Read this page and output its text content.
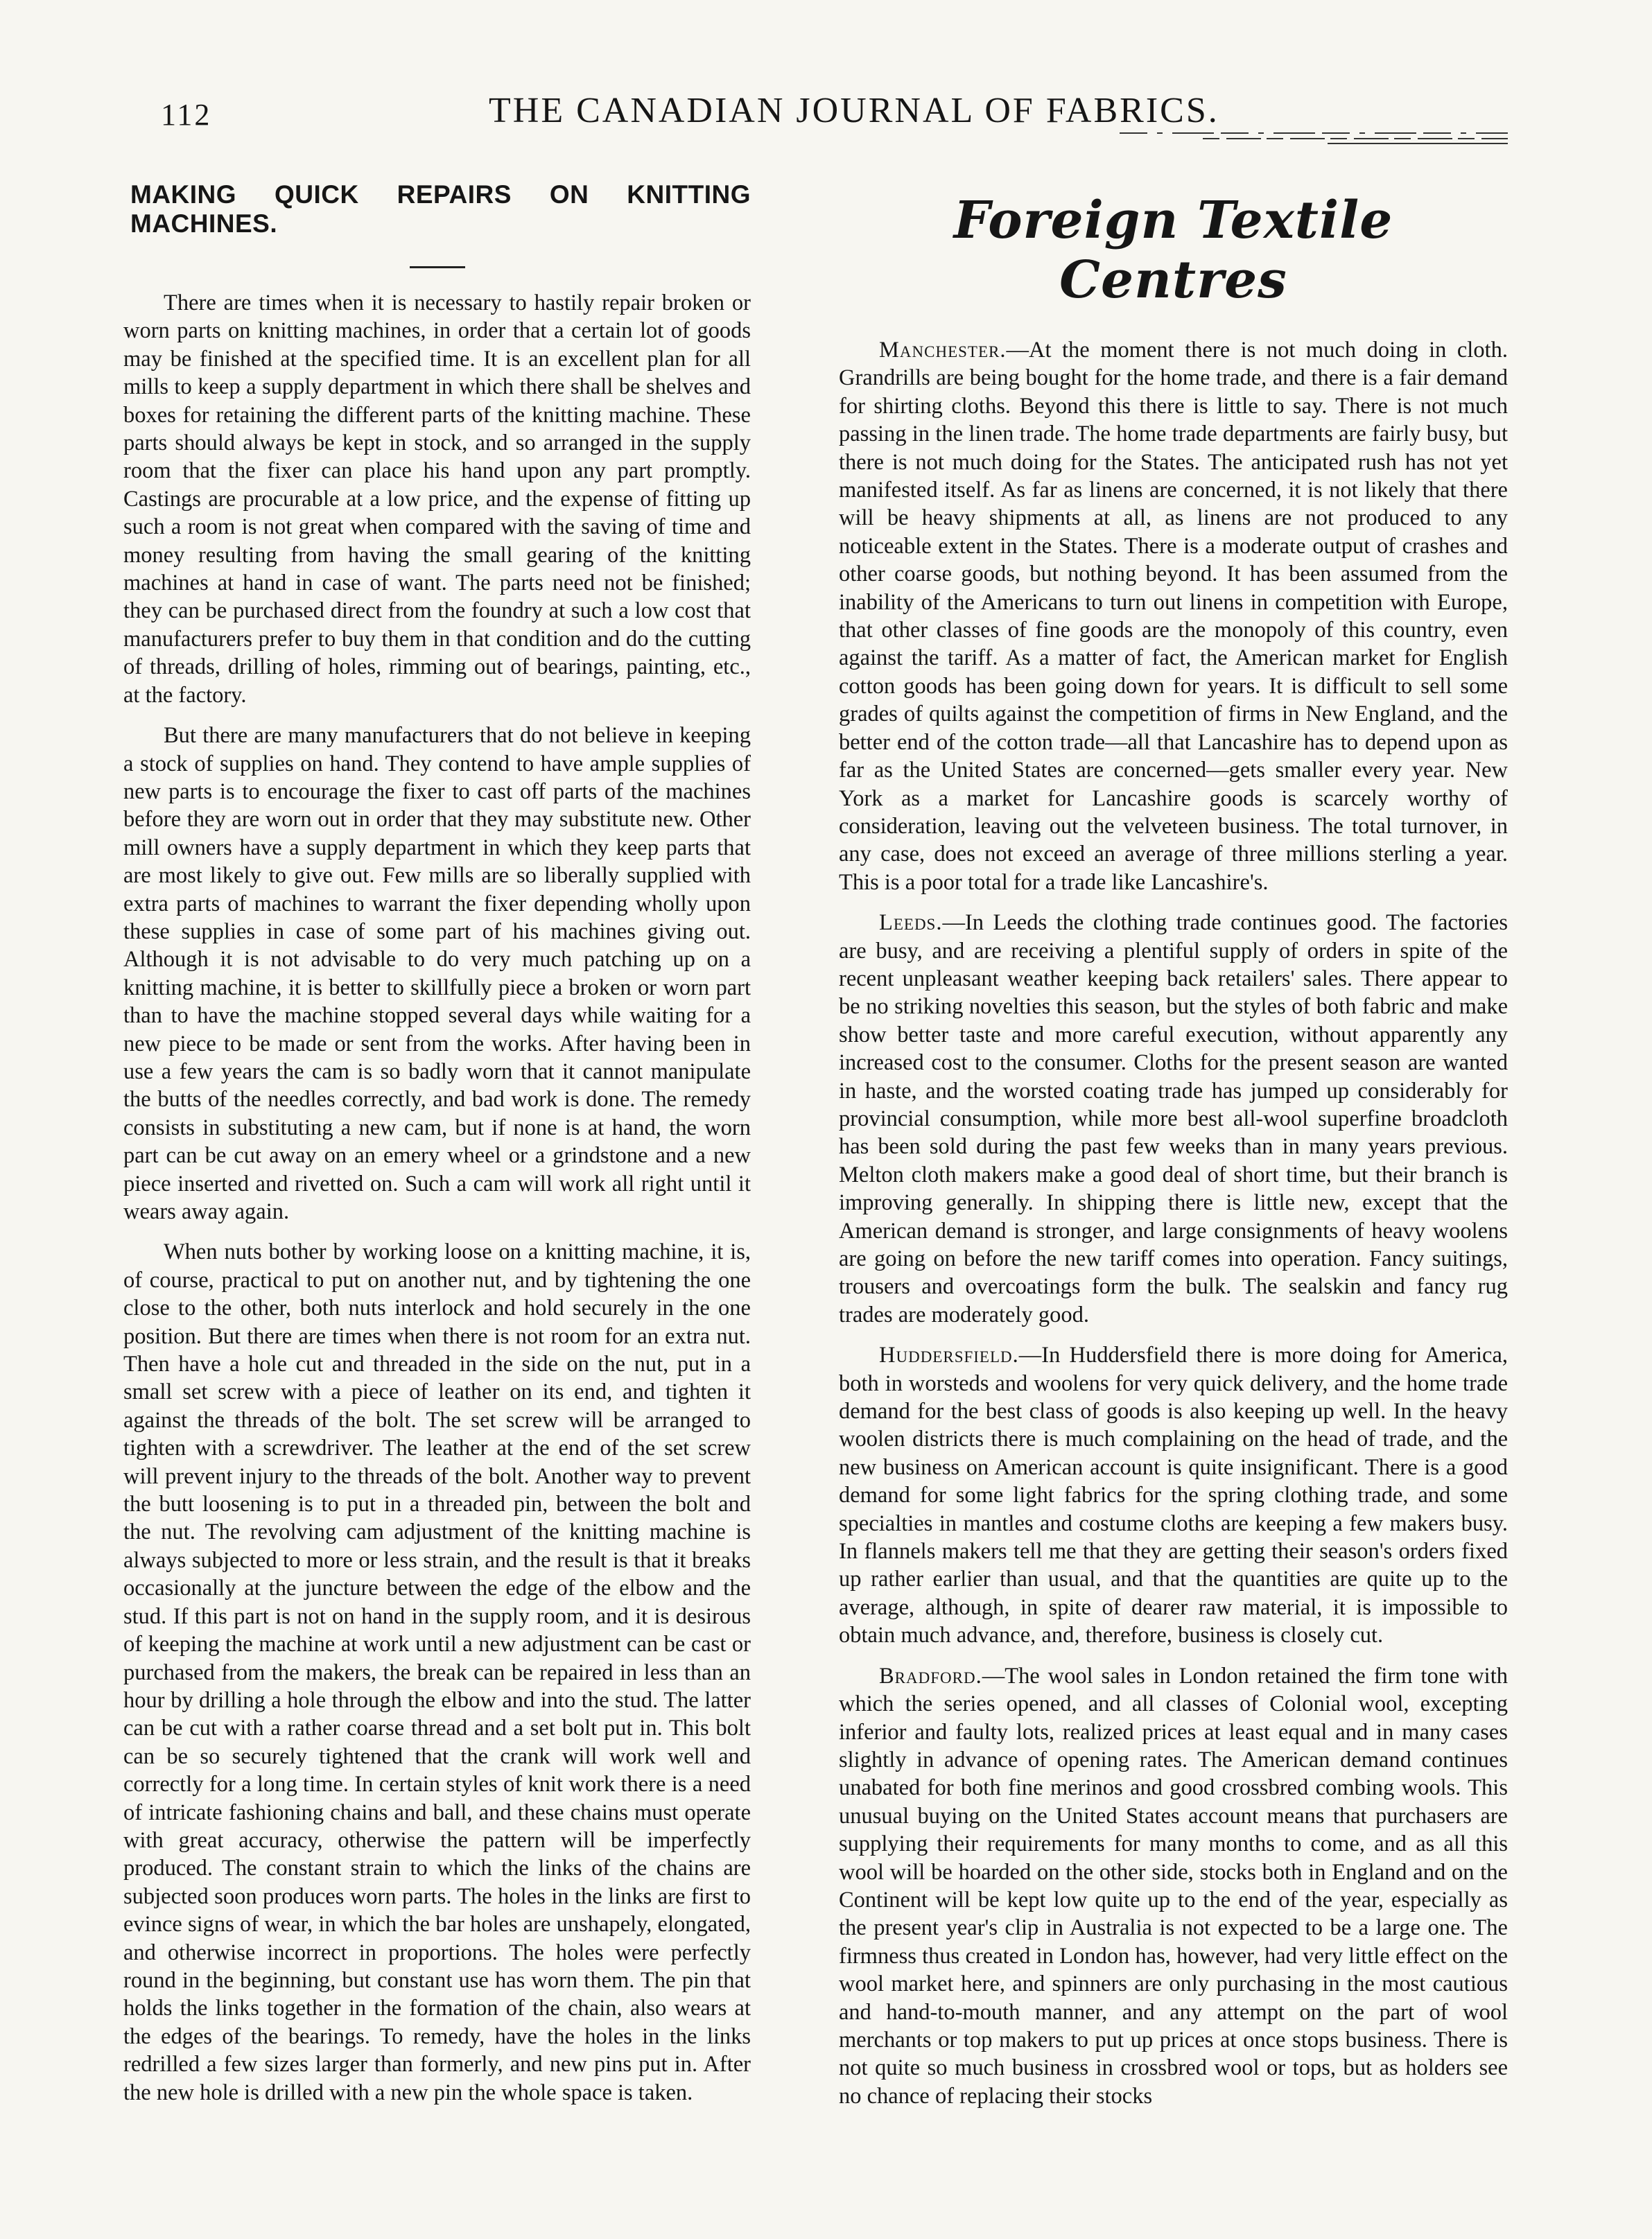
112	THE CANADIAN JOURNAL OF FABRICS.
MAKING QUICK REPAIRS ON KNITTING MACHINES.

There are times when it is necessary to hastily repair broken or worn parts on knitting machines, in order that a certain lot of goods may be finished at the specified time. It is an excellent plan for all mills to keep a supply department in which there shall be shelves and boxes for retaining the different parts of the knitting machine. These parts should always be kept in stock, and so arranged in the supply room that the fixer can place his hand upon any part promptly. Castings are procurable at a low price, and the expense of fitting up such a room is not great when compared with the saving of time and money resulting from having the small gearing of the knitting machines at hand in case of want. The parts need not be finished; they can be purchased direct from the foundry at such a low cost that manufacturers prefer to buy them in that condition and do the cutting of threads, drilling of holes, rimming out of bearings, painting, etc., at the factory.

But there are many manufacturers that do not believe in keeping a stock of supplies on hand. They contend to have ample supplies of new parts is to encourage the fixer to cast off parts of the machines before they are worn out in order that they may substitute new. Other mill owners have a supply department in which they keep parts that are most likely to give out. Few mills are so liberally supplied with extra parts of machines to warrant the fixer depending wholly upon these supplies in case of some part of his machines giving out. Although it is not advisable to do very much patching up on a knitting machine, it is better to skillfully piece a broken or worn part than to have the machine stopped several days while waiting for a new piece to be made or sent from the works. After having been in use a few years the cam is so badly worn that it cannot manipulate the butts of the needles correctly, and bad work is done. The remedy consists in substituting a new cam, but if none is at hand, the worn part can be cut away on an emery wheel or a grindstone and a new piece inserted and rivetted on. Such a cam will work all right until it wears away again.

When nuts bother by working loose on a knitting machine, it is, of course, practical to put on another nut, and by tightening the one close to the other, both nuts interlock and hold securely in the one position. But there are times when there is not room for an extra nut. Then have a hole cut and threaded in the side on the nut, put in a small set screw with a piece of leather on its end, and tighten it against the threads of the bolt. The set screw will be arranged to tighten with a screwdriver. The leather at the end of the set screw will prevent injury to the threads of the bolt. Another way to prevent the butt loosening is to put in a threaded pin, between the bolt and the nut. The revolving cam adjustment of the knitting machine is always subjected to more or less strain, and the result is that it breaks occasionally at the juncture between the edge of the elbow and the stud. If this part is not on hand in the supply room, and it is desirous of keeping the machine at work until a new adjustment can be cast or purchased from the makers, the break can be repaired in less than an hour by drilling a hole through the elbow and into the stud. The latter can be cut with a rather coarse thread and a set bolt put in. This bolt can be so securely tightened that the crank will work well and correctly for a long time. In certain styles of knit work there is a need of intricate fashioning chains and ball, and these chains must operate with great accuracy, otherwise the pattern will be imperfectly produced. The constant strain to which the links of the chains are subjected soon produces worn parts. The holes in the links are first to evince signs of wear, in which the bar holes are unshapely, elongated, and otherwise incorrect in proportions. The holes were perfectly round in the beginning, but constant use has worn them. The pin that holds the links together in the formation of the chain, also wears at the edges of the bearings. To remedy, have the holes in the links redrilled a few sizes larger than formerly, and new pins put in. After the new hole is drilled with a new pin the whole space is taken.

Foreign Textile Centres

Manchester.—At the moment there is not much doing in cloth. Grandrills are being bought for the home trade, and there is a fair demand for shirting cloths. Beyond this there is little to say. There is not much passing in the linen trade. The home trade departments are fairly busy, but there is not much doing for the States. The anticipated rush has not yet manifested itself. As far as linens are concerned, it is not likely that there will be heavy shipments at all, as linens are not produced to any noticeable extent in the States. There is a moderate output of crashes and other coarse goods, but nothing beyond. It has been assumed from the inability of the Americans to turn out linens in competition with Europe, that other classes of fine goods are the monopoly of this country, even against the tariff. As a matter of fact, the American market for English cotton goods has been going down for years. It is difficult to sell some grades of quilts against the competition of firms in New England, and the better end of the cotton trade—all that Lancashire has to depend upon as far as the United States are concerned—gets smaller every year. New York as a market for Lancashire goods is scarcely worthy of consideration, leaving out the velveteen business. The total turnover, in any case, does not exceed an average of three millions sterling a year. This is a poor total for a trade like Lancashire's.

Leeds.—In Leeds the clothing trade continues good. The factories are busy, and are receiving a plentiful supply of orders in spite of the recent unpleasant weather keeping back retailers' sales. There appear to be no striking novelties this season, but the styles of both fabric and make show better taste and more careful execution, without apparently any increased cost to the consumer. Cloths for the present season are wanted in haste, and the worsted coating trade has jumped up considerably for provincial consumption, while more best all-wool superfine broadcloth has been sold during the past few weeks than in many years previous. Melton cloth makers make a good deal of short time, but their branch is improving generally. In shipping there is little new, except that the American demand is stronger, and large consignments of heavy woolens are going on before the new tariff comes into operation. Fancy suitings, trousers and overcoatings form the bulk. The sealskin and fancy rug trades are moderately good.

Huddersfield.—In Huddersfield there is more doing for America, both in worsteds and woolens for very quick delivery, and the home trade demand for the best class of goods is also keeping up well. In the heavy woolen districts there is much complaining on the head of trade, and the new business on American account is quite insignificant. There is a good demand for some light fabrics for the spring clothing trade, and some specialties in mantles and costume cloths are keeping a few makers busy. In flannels makers tell me that they are getting their season's orders fixed up rather earlier than usual, and that the quantities are quite up to the average, although, in spite of dearer raw material, it is impossible to obtain much advance, and, therefore, business is closely cut.

Bradford.—The wool sales in London retained the firm tone with which the series opened, and all classes of Colonial wool, excepting inferior and faulty lots, realized prices at least equal and in many cases slightly in advance of opening rates. The American demand continues unabated for both fine merinos and good crossbred combing wools. This unusual buying on the United States account means that purchasers are supplying their requirements for many months to come, and as all this wool will be hoarded on the other side, stocks both in England and on the Continent will be kept low quite up to the end of the year, especially as the present year's clip in Australia is not expected to be a large one. The firmness thus created in London has, however, had very little effect on the wool market here, and spinners are only purchasing in the most cautious and hand-to-mouth manner, and any attempt on the part of wool merchants or top makers to put up prices at once stops business. There is not quite so much business in crossbred wool or tops, but as holders see no chance of replacing their stocks
